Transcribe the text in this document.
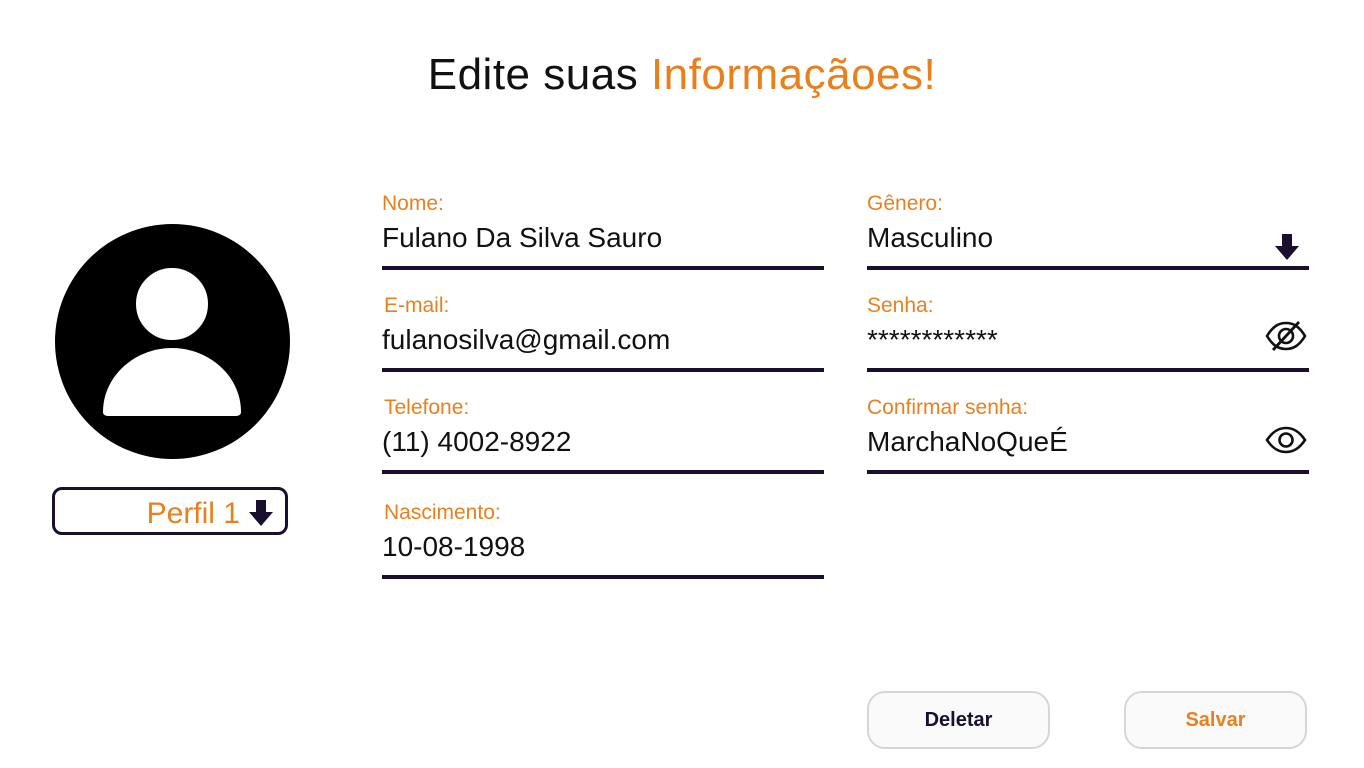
Edite suas Informaçãoes!
Perfil 1
Nome:
Fulano Da Silva Sauro
E-mail:
fulanosilva@gmail.com
Telefone:
(11) 4002-8922
Nascimento:
10-08-1998
Gênero:
Masculino
Senha:
************
Confirmar senha:
MarchaNoQueÉ
Deletar	Salvar
